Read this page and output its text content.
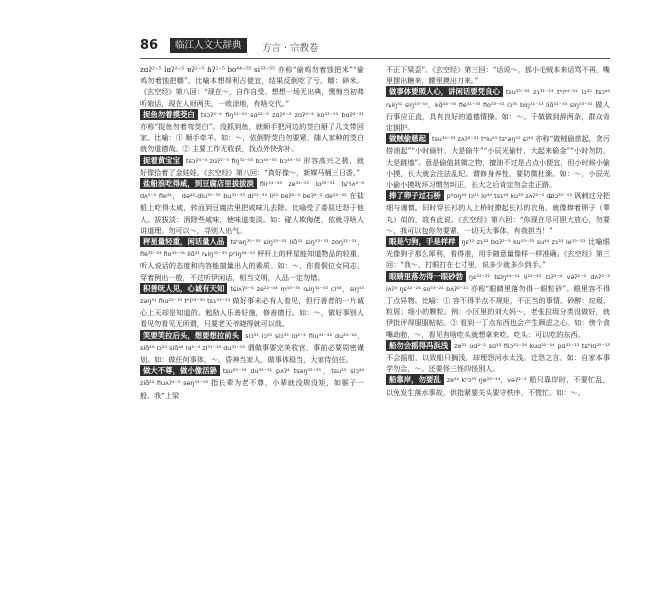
86	临江人文大辞典	方言 · 宗教卷

zɑʔ²⁻⁵ lɑʔ²⁻⁵ ɐʔ²⁻⁵ ɦʔ²⁻⁵ bo⁴⁴⁻⁵⁵ si³³⁻⁵⁵ 亦称“偷鸡勿着蚀把米”“偷鸡勿着蚀把糯”。比喻本想得利占便宜，结果反倒吃了亏。糯：碎米。《玄空经》第八回：“现在～，自作自受。想想一场无出典，懊悔当初弗听娘话，现在人财两失，一败涂地，有啥交代。”

捉鱼勿着摸茭白 tsɔʔ⁵⁻⁴ fiŋ³¹⁻⁵⁵ sɑ²²⁻³ zɑʔ²⁻² zɑʔ⁵⁻⁴ ko³³⁻⁵⁵ bɑʔ²⁻²¹ 亦称“捉鱼勿着弯茭白”。没抓到鱼，就顺手把河边的茭白掰了几支带回家。比喻：① 顺手牵羊。如：～，依倒野茭白勿要紧，随人家种的茭白就勿道德哉。② 主要工作无收获，找点外快弥补。

捉着黄宝宝 tsɔʔ⁵⁻⁴ zɑʔ²⁻³ fiŋ³¹⁻⁵⁵ bɔ⁴⁴⁻⁵⁵ bɔ⁴⁴⁻⁵¹ 形容高兴之极，就好像拾着了金娃娃。《玄空经》第八回：“真好像～，新媒马桶三日香。”

盐船浪吃得咸，到豆腐店里拔拔淡 fiir³¹⁻³³ ze³¹⁻⁵¹ lɑ³³⁻³¹ tɕʰiʌ²⁻⁴ dʌ⁵⁻² fie³¹， də²²-diu³¹⁻³³ bu³¹⁻³³ di³¹⁻³³ li²² bɐʔ²⁻² bɐʔ²⁻² de²²⁻²² 在盐船上吃得太咸，转而到豆腐店里把咸味儿去除。比喻受了委屈迁怒于他人。拔拔淡：消除些咸味，使味道变淡。如：碰人欺侮佬，依就寻啥人讲道理。勿可以～，寻别人出气。

秤星量轻重，闲话量人品 tsʰəŋ³⁵⁻³³ ɕiŋ⁵³⁻³¹ liɑ̃³¹ ɕiŋ⁵³⁻³³ zoŋ³¹⁻³³，fie³¹⁻²⁴ fio³³⁻⁵¹ liɑ̃³¹ ȵiŋ³¹⁻³³ pʰiŋ⁴⁴⁻⁵³ 秤杆上的秤星能知道物品的轻重，听人说话的态度和内容能揣量出人的素质。如：～，你看侗位女同志，穿着例出一般，不过听伊闲话，相当文明，人品一定勿错。

积善呒人见，心诚有天知 tɕiʌʔ⁵⁻⁴ ze²²⁻⁴⁴ m̩⁵³⁻³⁵ ȵiŋ³¹⁻³³ ci⁴⁴，siŋ⁵³ zəŋ³¹ fiiu²²⁻³³ tʰi⁵³⁻³⁵ tsɿ⁵³⁻⁵³ 做好事未必有人看见，但行善者的一片诚心上天却是知道的。勉励人乐善好施，修善德行。如：～，做好事别人看见勿看见无所谓，只要老天爷晓得就可以哉。

笑要笑拉后头，想要想拉前头 siɔ³⁵ iɔ⁵⁵ siɔ³⁵ lɑ²⁻⁴ fiiu³¹⁻²² du³¹⁻²²，siɑ̃⁴⁴ iɔ³⁵ siɑ̃⁴⁴ lɑ²⁻⁴ zi³¹⁻¹³ du³¹⁻⁵³ 谓做事要完美收官，事前必要周密谨划。如：做任何事体，～。昏神当家人，做事体稳当，大家侍信任。

做大不尊，做小像活狲 tsu³⁵⁻⁵³ du³³⁻⁵¹ pʌʔ⁴ tsəŋ³³⁻³⁵，tsu³⁵ siɔ⁴⁴ ziɑ̃²² fiuʌʔ²⁻² səŋ⁵³⁻⁵³ 指长辈为老不尊，小辈就没规没矩，如猴子一般。我“上梁

不正下梁歪”。《玄空经》第三回：“话说～，那小毛贼本来话骂不再，嘴里摆出糖来，腰里摸出刀来。”

做事体要照人心，讲闲话要凭良心 tsu³⁵⁻³³ zɿ³¹⁻¹³ tʰi⁴⁴⁻⁵¹ iɔ³⁵ tsɔ⁴⁴ ȵiŋ³¹ siŋ⁵³⁻⁵³，kɑ̃⁴⁴⁻³⁵ fie³¹⁻³³ fio³³⁻⁵¹ iɔ³⁵ biŋ³¹⁻¹³ liɑ̃³¹⁻³³ siŋ⁵³⁻³¹ 做人行事应正直，具有良好的道德情操。如：～。千做做到辞两条，群众肯定拥护。

做贼偷慈起 tsu³⁵⁻³³ zʌʔ²⁻²¹ tʰiu⁵³ tsʰəŋ⁵³ ɕi⁴⁴ 亦称“做贼偷慈起，贪污捞油起”“小时偷针，大是偷牛”“小辰光偷针，大起来偷金”“小时勿防，大是跳墙”。意是偷值甚微之物，擅油不过是占点小便宜，但小时候小偷小摸，长大就会注法乱纪。谓修身养性，要防微杜渐。如：～，小辰光小偷小摸呒坏习惯勿纠正，长大之后肯定勿会走正路。

捧了卵子过石桥 pʰoŋ⁴⁴ lɔ²¹ lo⁴⁴ tsɿ⁴⁴ ku³⁵ zʌʔ²⁻² ʥiɔ³¹⁻⁵³ 讽刺过分把细与谨慎。旧时穿长衫的人上桥时撩起长衫的衣角，就像捧着卵子（睾丸）似的，故有此说。《玄空经》第六回：“你现在尽可胆大放心，勿要～，我可以包你勿要紧，一切天大事体，有我担当！”

眼是勺狗，手是样样 ŋɛ²² zɿ²² bɑʔ²⁻² ku⁵³⁻³³ su⁴⁴ zɿ²² ie³³⁻³³ 比喻眼光像狗子那么犀利，看得准，用手随意量像样一样准确。《玄空经》第三回：“我～，打眼打在七寸里，说多少就多少到手。”

眼睛里落勿得一眼砂勃 ŋɛ²²⁻²² tɕiŋ⁴⁴⁻⁵¹ li²²⁻³³ lɔʔ²⁻² vəʔ²⁻² dʌʔ²⁻² iʌʔ⁵ ŋɛ²²⁻²⁴ so⁵³⁻²¹ bʌʔ²⁻²¹ 亦称“眼睛里落勿得一眼粒砂”。眼里容不得丁点异物。比喻：① 容不得半点不规矩，不正当的事情。砂醉：垃圾、粒屑；细小的颗粒。例：小区里的刘大妈～，老张拉级分类没做好，就伊批评得服服帖帖。② 看到一丁点东西也会产生顾虑之心。如：傍个食嘴劫勃，～，看见有啥吃头就想拿来吃。吃头：可以吃的东西。

船勿会摇得冯浜浅 ze³¹ uɑ²⁻² sɑ⁵³ fiiɔ³¹⁻²⁴ kuɑ³⁵⁻²⁴ pɑ³¹⁻¹³ tɕʰiɑ³⁵⁻¹³ 不会摇船，以致船只搁浅，却埋怨河水太浅。迁怨之言。如：自家本事学勿会，～。还要怪三怪四怪别人。

船靠岸，勿要乱 ze³¹ kʰɔ³⁵ ŋe³³⁻⁴⁴，vəʔ²⁻² 船只靠岸时，不要忙乱，以免发生落水事故，供指紧要关头要守秩序，不慌忙。如：～。
